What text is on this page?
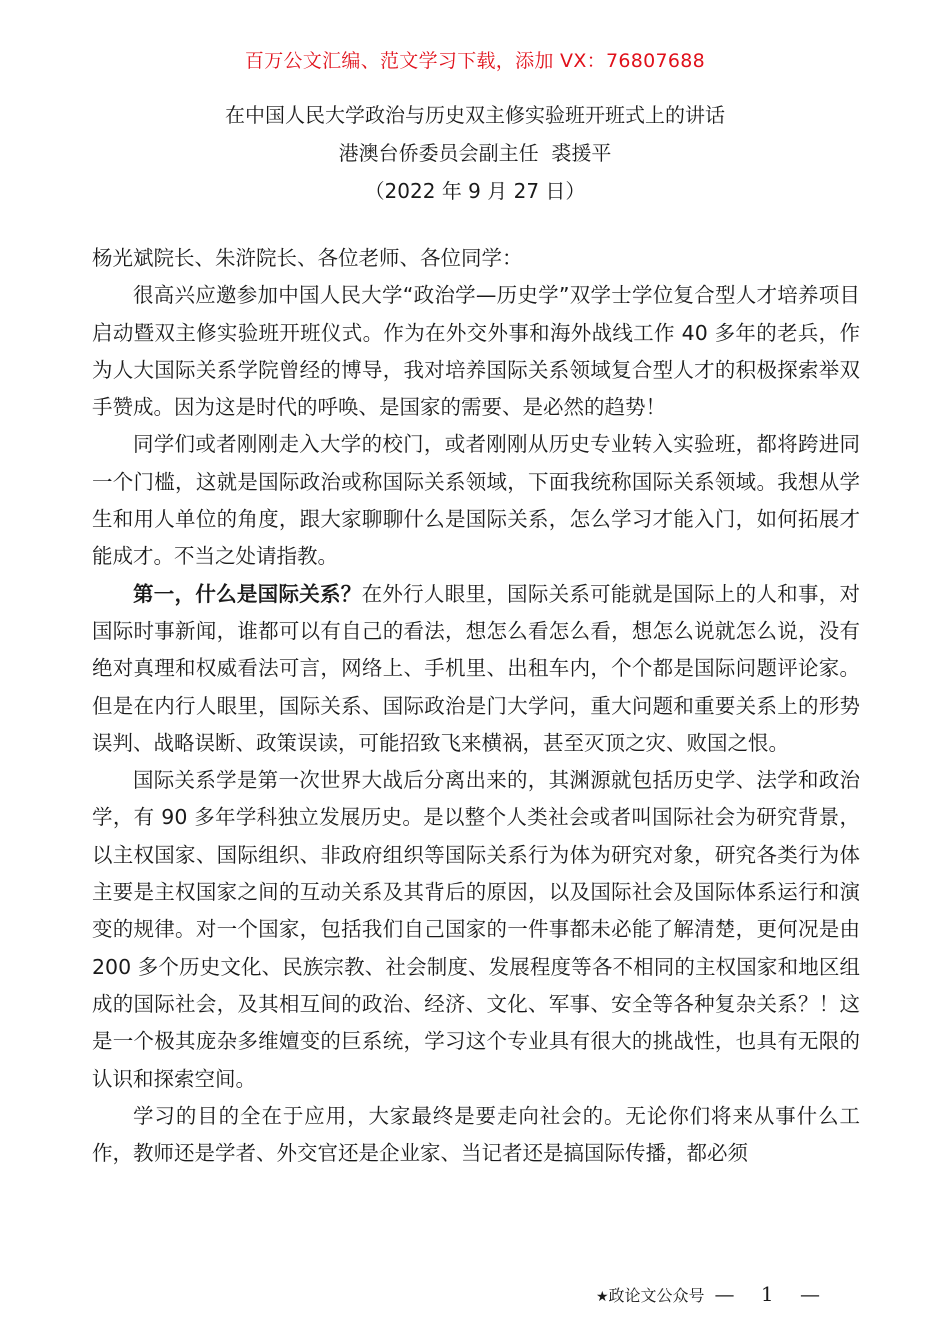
百万公文汇编、范文学习下载，添加 VX：76807688
在中国人民大学政治与历史双主修实验班开班式上的讲话
港澳台侨委员会副主任  裘援平
（2022 年 9 月 27 日）

杨光斌院长、朱浒院长、各位老师、各位同学：

很高兴应邀参加中国人民大学“政治学—历史学”双学士学位复合型人才培养项目启动暨双主修实验班开班仪式。作为在外交外事和海外战线工作 40 多年的老兵，作为人大国际关系学院曾经的博导，我对培养国际关系领域复合型人才的积极探索举双手赞成。因为这是时代的呼唤、是国家的需要、是必然的趋势！

同学们或者刚刚走入大学的校门，或者刚刚从历史专业转入实验班，都将跨进同一个门槛，这就是国际政治或称国际关系领域，下面我统称国际关系领域。我想从学生和用人单位的角度，跟大家聊聊什么是国际关系，怎么学习才能入门，如何拓展才能成才。不当之处请指教。

第一，什么是国际关系？在外行人眼里，国际关系可能就是国际上的人和事，对国际时事新闻，谁都可以有自己的看法，想怎么看怎么看，想怎么说就怎么说，没有绝对真理和权威看法可言，网络上、手机里、出租车内，个个都是国际问题评论家。但是在内行人眼里，国际关系、国际政治是门大学问，重大问题和重要关系上的形势误判、战略误断、政策误读，可能招致飞来横祸，甚至灭顶之灾、败国之恨。

国际关系学是第一次世界大战后分离出来的，其渊源就包括历史学、法学和政治学，有 90 多年学科独立发展历史。是以整个人类社会或者叫国际社会为研究背景，以主权国家、国际组织、非政府组织等国际关系行为体为研究对象，研究各类行为体主要是主权国家之间的互动关系及其背后的原因，以及国际社会及国际体系运行和演变的规律。对一个国家，包括我们自己国家的一件事都未必能了解清楚，更何况是由 200 多个历史文化、民族宗教、社会制度、发展程度等各不相同的主权国家和地区组成的国际社会，及其相互间的政治、经济、文化、军事、安全等各种复杂关系？！这是一个极其庞杂多维嬗变的巨系统，学习这个专业具有很大的挑战性，也具有无限的认识和探索空间。

学习的目的全在于应用，大家最终是要走向社会的。无论你们将来从事什么工作，教师还是学者、外交官还是企业家、当记者还是搞国际传播，都必须

★政论文公众号 — 1 —
